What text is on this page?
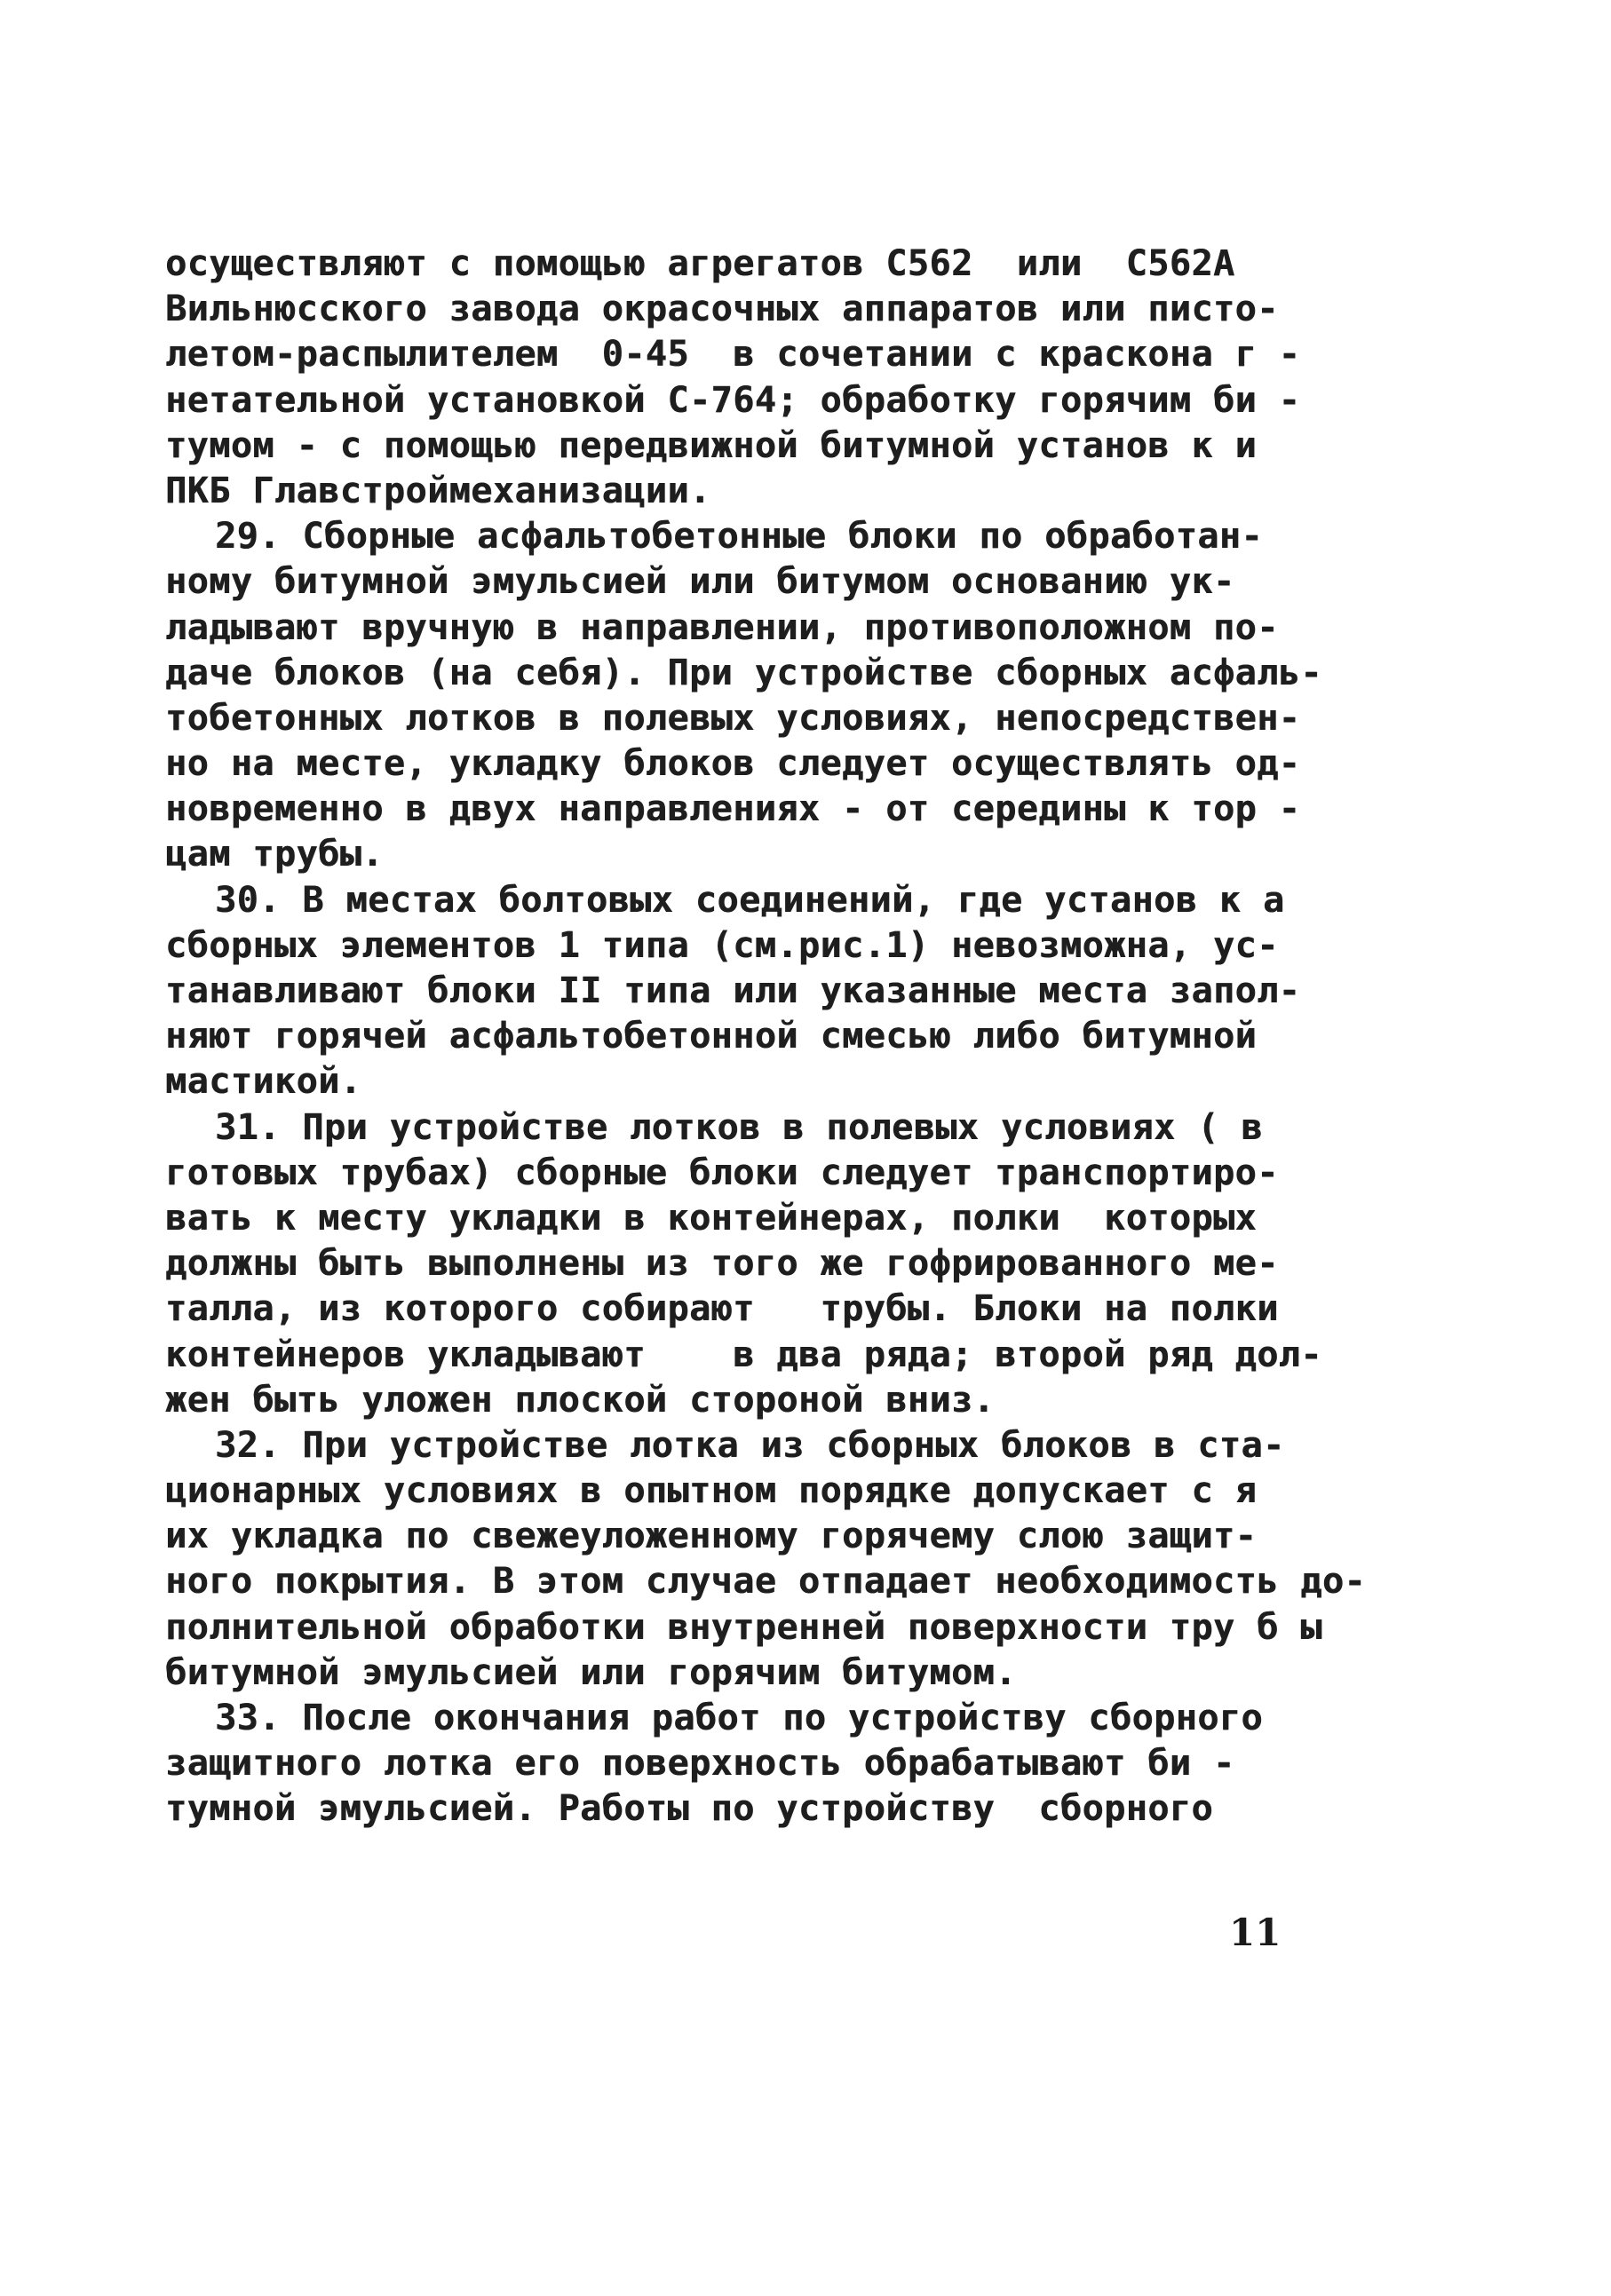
осуществляют с помощью агрегатов С562  или  С562А
Вильнюсского завода окрасочных аппаратов или писто-
летом-распылителем  0-45  в сочетании с краскона г -
нетательной установкой С-764; обработку горячим би -
тумом - с помощью передвижной битумной установ к и
ПКБ Главстроймеханизации.
29. Сборные асфальтобетонные блоки по обработан-
ному битумной эмульсией или битумом основанию ук-
ладывают вручную в направлении, противоположном по-
даче блоков (на себя). При устройстве сборных асфаль-
тобетонных лотков в полевых условиях, непосредствен-
но на месте, укладку блоков следует осуществлять од-
новременно в двух направлениях - от середины к тор -
цам трубы.
30. В местах болтовых соединений, где установ к а
сборных элементов 1 типа (см.рис.1) невозможна, ус-
танавливают блоки II типа или указанные места запол-
няют горячей асфальтобетонной смесью либо битумной
мастикой.
31. При устройстве лотков в полевых условиях ( в
готовых трубах) сборные блоки следует транспортиро-
вать к месту укладки в контейнерах, полки  которых
должны быть выполнены из того же гофрированного ме-
талла, из которого собирают   трубы. Блоки на полки
контейнеров укладывают    в два ряда; второй ряд дол-
жен быть уложен плоской стороной вниз.
32. При устройстве лотка из сборных блоков в ста-
ционарных условиях в опытном порядке допускает с я
их укладка по свежеуложенному горячему слою защит-
ного покрытия. В этом случае отпадает необходимость до-
полнительной обработки внутренней поверхности тру б ы
битумной эмульсией или горячим битумом.
33. После окончания работ по устройству сборного
защитного лотка его поверхность обрабатывают би -
тумной эмульсией. Работы по устройству  сборного
11
